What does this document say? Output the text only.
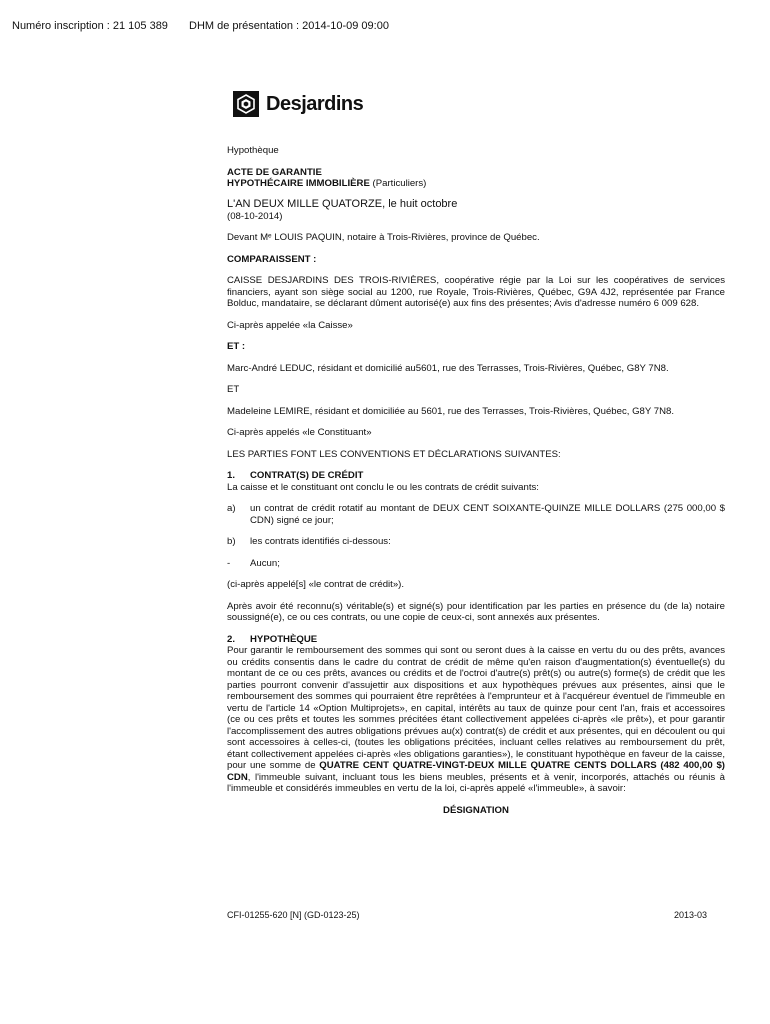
Numéro inscription : 21 105 389 DHM de présentation : 2014-10-09 09:00
Desjardins

Hypothèque

ACTE DE GARANTIE
HYPOTHÉCAIRE IMMOBILIÈRE (Particuliers)

L'AN DEUX MILLE QUATORZE, le huit octobre
(08-10-2014)

Devant Mᵉ LOUIS PAQUIN, notaire à Trois-Rivières, province de Québec.

COMPARAISSENT :

CAISSE DESJARDINS DES TROIS-RIVIÈRES, coopérative régie par la Loi sur les coopératives de services financiers, ayant son siège social au 1200, rue Royale, Trois-Rivières, Québec, G9A 4J2, représentée par France Bolduc, mandataire, se déclarant dûment autorisé(e) aux fins des présentes; Avis d'adresse numéro 6 009 628.

Ci-après appelée «la Caisse»

ET :

Marc-André LEDUC, résidant et domicilié au5601, rue des Terrasses, Trois-Rivières, Québec, G8Y 7N8.

ET

Madeleine LEMIRE, résidant et domiciliée au 5601, rue des Terrasses, Trois-Rivières, Québec, G8Y 7N8.

Ci-après appelés «le Constituant»

LES PARTIES FONT LES CONVENTIONS ET DÉCLARATIONS SUIVANTES:

1.	CONTRAT(S) DE CRÉDIT

La caisse et le constituant ont conclu le ou les contrats de crédit suivants:

a)	un contrat de crédit rotatif au montant de DEUX CENT SOIXANTE-QUINZE MILLE DOLLARS (275 000,00 $ CDN) signé ce jour;

b)	les contrats identifiés ci-dessous:

-	Aucun;

(ci-après appelé[s] «le contrat de crédit»).

Après avoir été reconnu(s) véritable(s) et signé(s) pour identification par les parties en présence du (de la) notaire soussigné(e), ce ou ces contrats, ou une copie de ceux-ci, sont annexés aux présentes.

2.	HYPOTHÈQUE

Pour garantir le remboursement des sommes qui sont ou seront dues à la caisse en vertu du ou des prêts, avances ou crédits consentis dans le cadre du contrat de crédit de même qu'en raison d'augmentation(s) éventuelle(s) du montant de ce ou ces prêts, avances ou crédits et de l'octroi d'autre(s) prêt(s) ou autre(s) forme(s) de crédit que les parties pourront convenir d'assujettir aux dispositions et aux hypothèques prévues aux présentes, ainsi que le remboursement des sommes qui pourraient être reprêtées à l'emprunteur et à l'acquéreur éventuel de l'immeuble en vertu de l'article 14 «Option Multiprojets», en capital, intérêts au taux de quinze pour cent l'an, frais et accessoires (ce ou ces prêts et toutes les sommes précitées étant collectivement appelées ci-après «le prêt»), et pour garantir l'accomplissement des autres obligations prévues au(x) contrat(s) de crédit et aux présentes, qui en découlent ou qui sont accessoires à celles-ci, (toutes les obligations précitées, incluant celles relatives au remboursement du prêt, étant collectivement appelées ci-après «les obligations garanties»), le constituant hypothèque en faveur de la caisse, pour une somme de QUATRE CENT QUATRE-VINGT-DEUX MILLE QUATRE CENTS DOLLARS (482 400,00 $) CDN, l'immeuble suivant, incluant tous les biens meubles, présents et à venir, incorporés, attachés ou réunis à l'immeuble et considérés immeubles en vertu de la loi, ci-après appelé «l'immeuble», à savoir:

DÉSIGNATION

CFI-01255-620 [N] (GD-0123-25)	2013-03
